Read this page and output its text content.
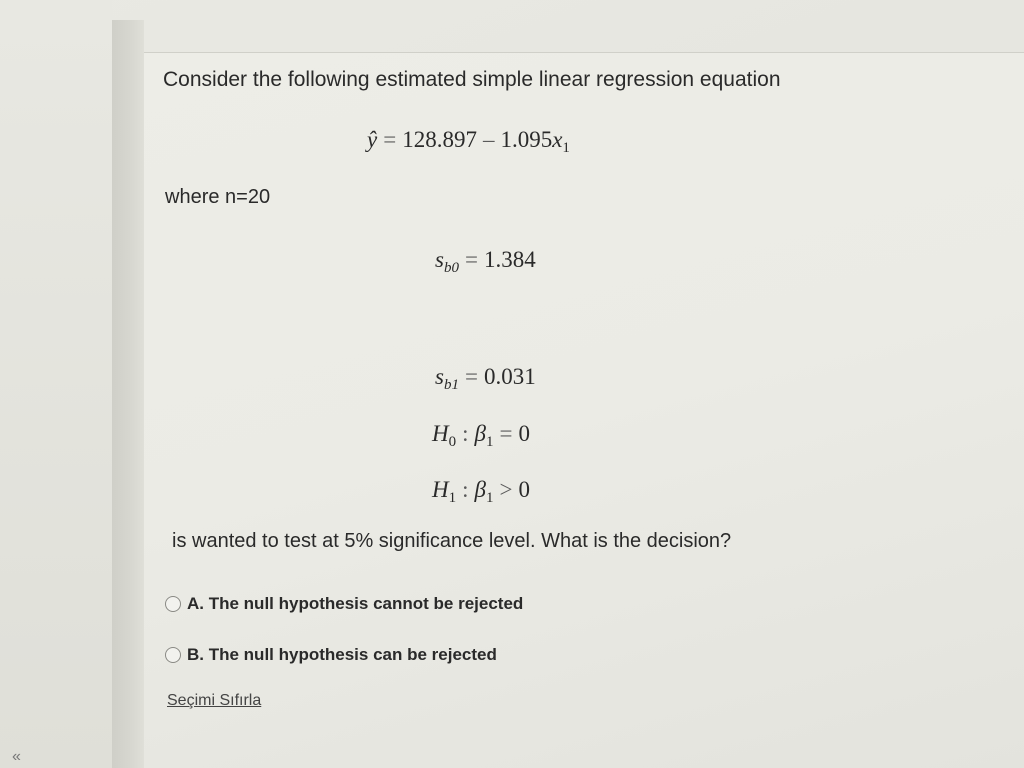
Consider the following estimated simple linear regression equation

ŷ = $128.897 - 1.095x_1$
where n=20
$s_{b0} = 1.384$
$s_{b1} = 0.031$
$H_0$ : $\beta_1 = 0$
$H_1$ : $\beta_1 > 0$
is wanted to test at 5% significance level. What is the decision?
A. The null hypothesis cannot be rejected
B. The null hypothesis can be rejected
Seçimi Sıfırla
«
